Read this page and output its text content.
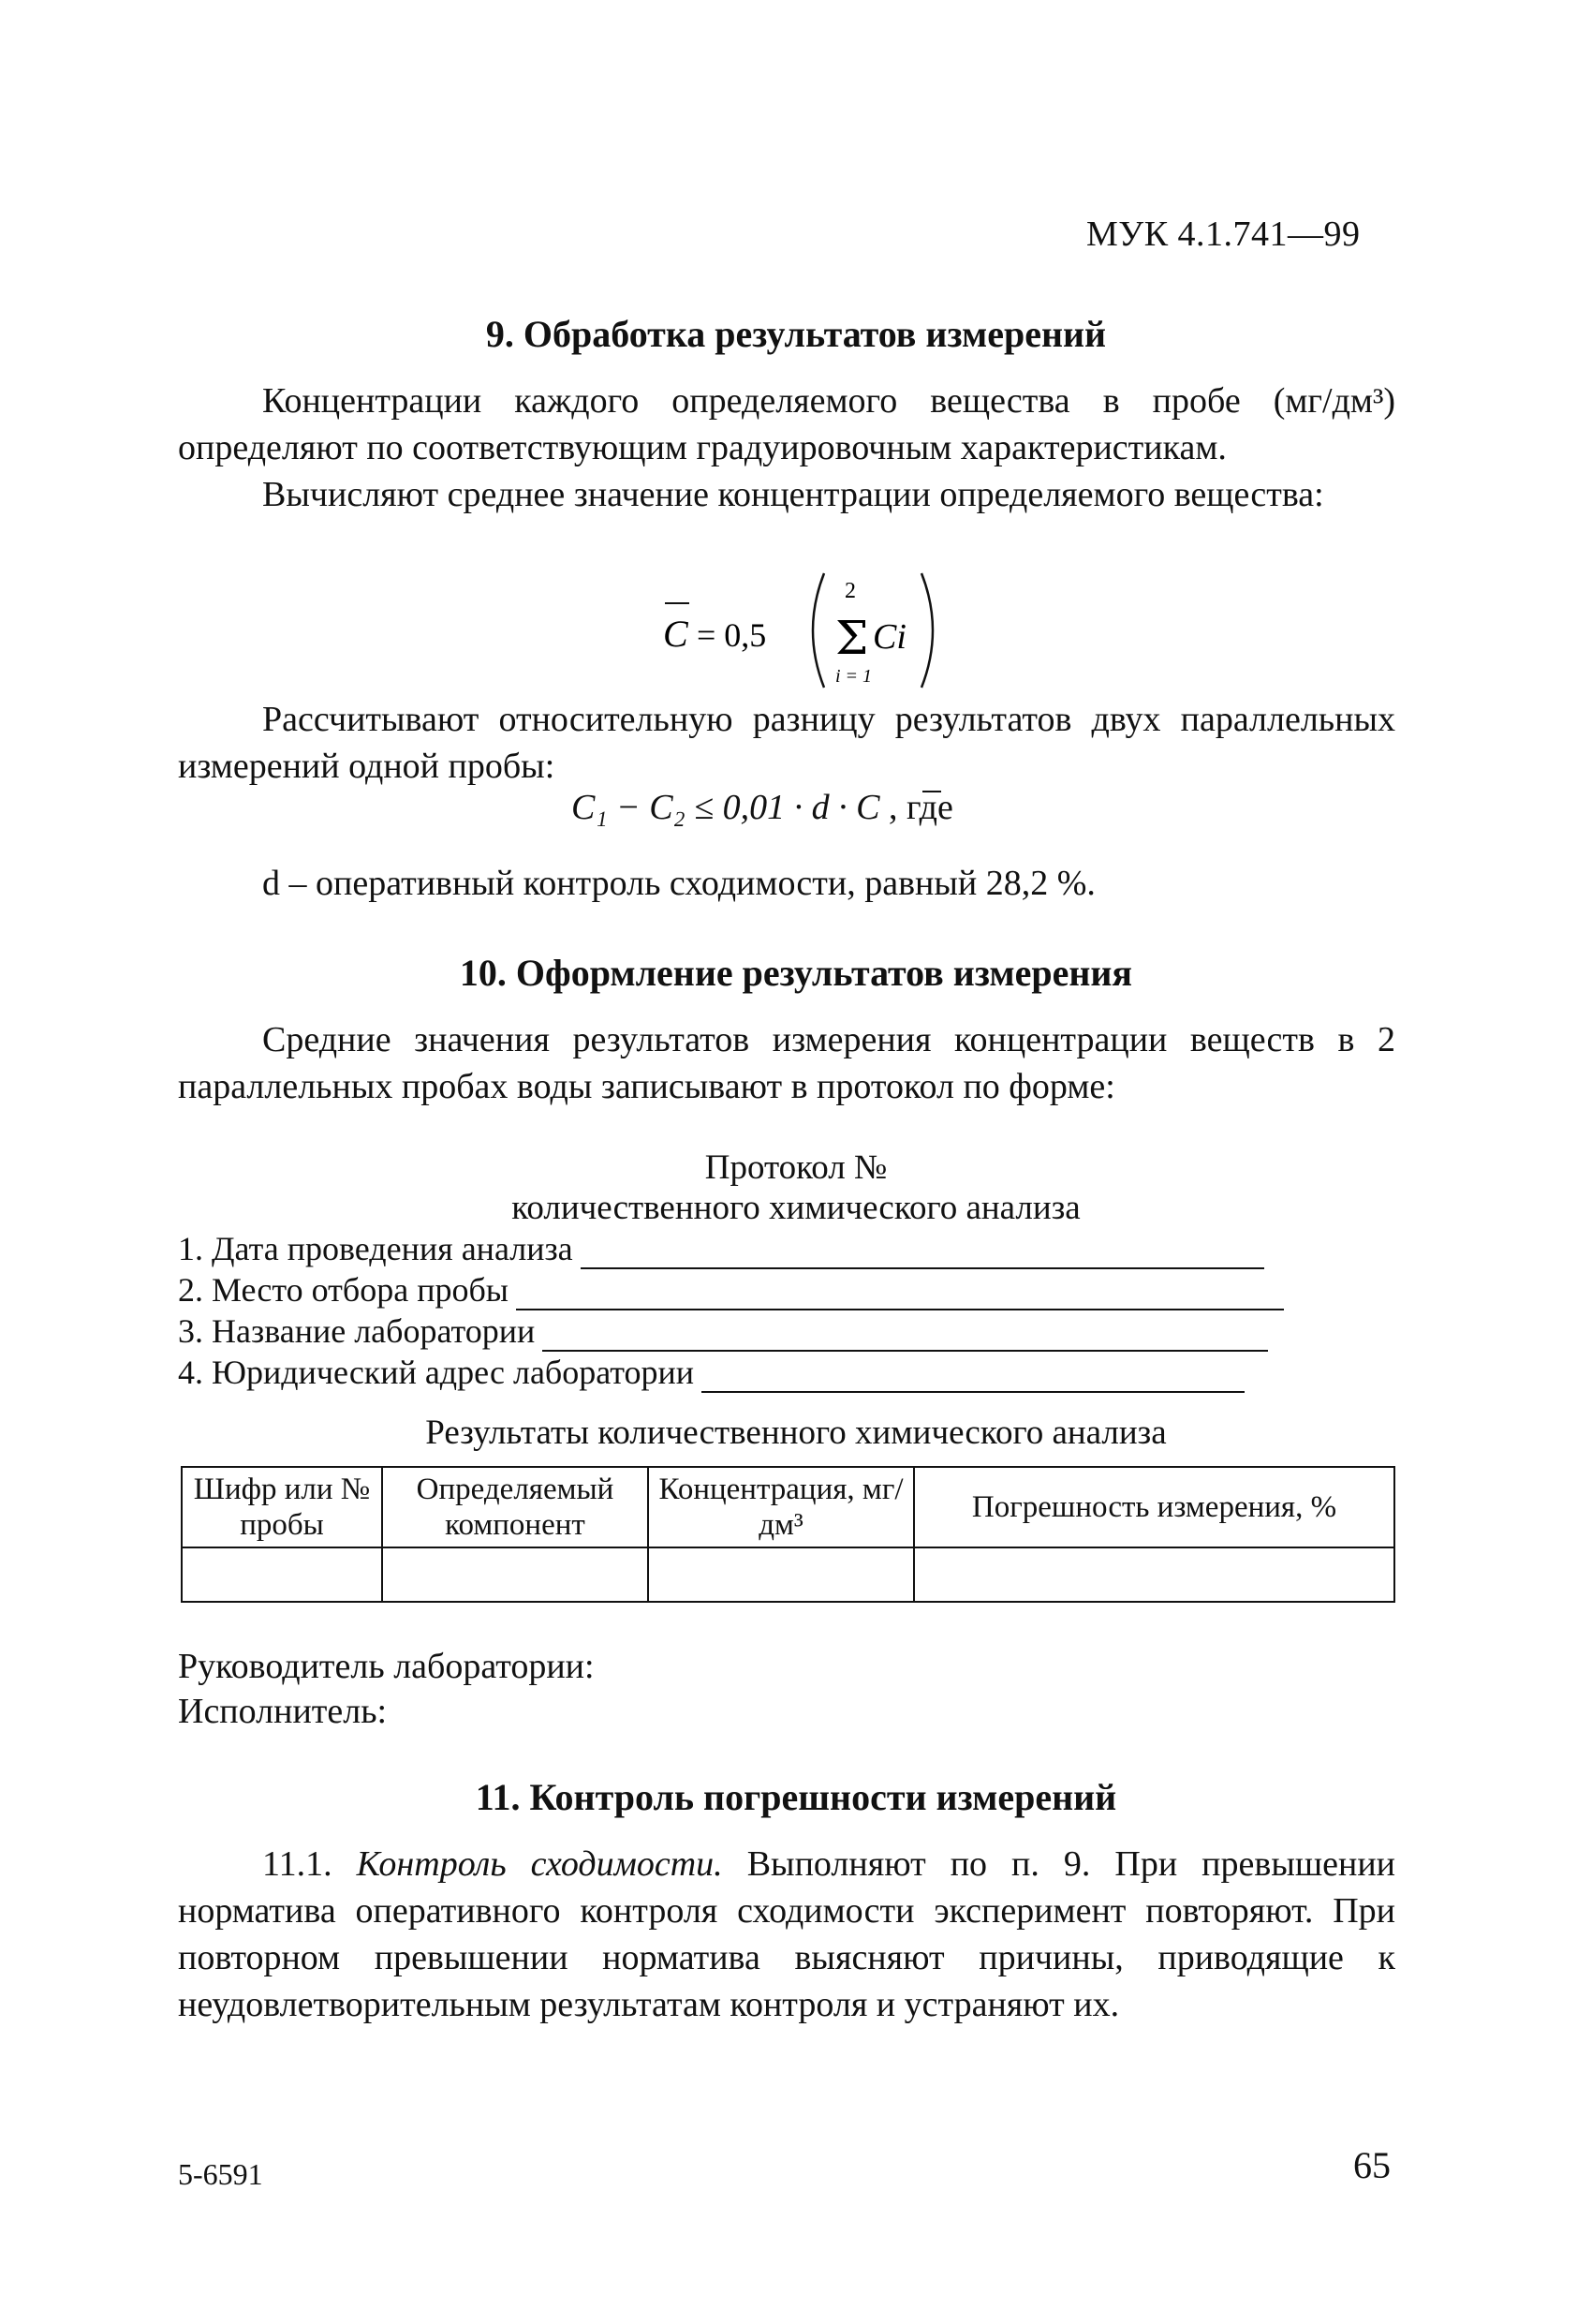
МУК 4.1.741—99
9. Обработка результатов измерений
Концентрации каждого определяемого вещества в пробе (мг/дм³) определяют по соответствующим градуировочным характеристикам.
Вычисляют среднее значение концентрации определяемого вещества:
C = 0,5
2
Σ
i = 1
Ci
Рассчитывают относительную разницу результатов двух параллельных измерений одной пробы:
C₁ − C₂ ≤ 0,01 · d · C , где
d – оперативный контроль сходимости, равный 28,2 %.
10. Оформление результатов измерения
Средние значения результатов измерения концентрации веществ в 2 параллельных пробах воды записывают в протокол по форме:
Протокол №
количественного химического анализа
1. Дата проведения анализа
2. Место отбора пробы
3. Название лаборатории
4. Юридический адрес лаборатории
Результаты количественного химического анализа
Шифр или № пробы	Определяемый компонент	Концентрация, мг/дм³	Погрешность измерения, %

Руководитель лаборатории:
Исполнитель:
11. Контроль погрешности измерений
11.1. Контроль сходимости. Выполняют по п. 9. При превышении норматива оперативного контроля сходимости эксперимент повторяют. При повторном превышении норматива выясняют причины, приводящие к неудовлетворительным результатам контроля и устраняют их.
5-6591	65
